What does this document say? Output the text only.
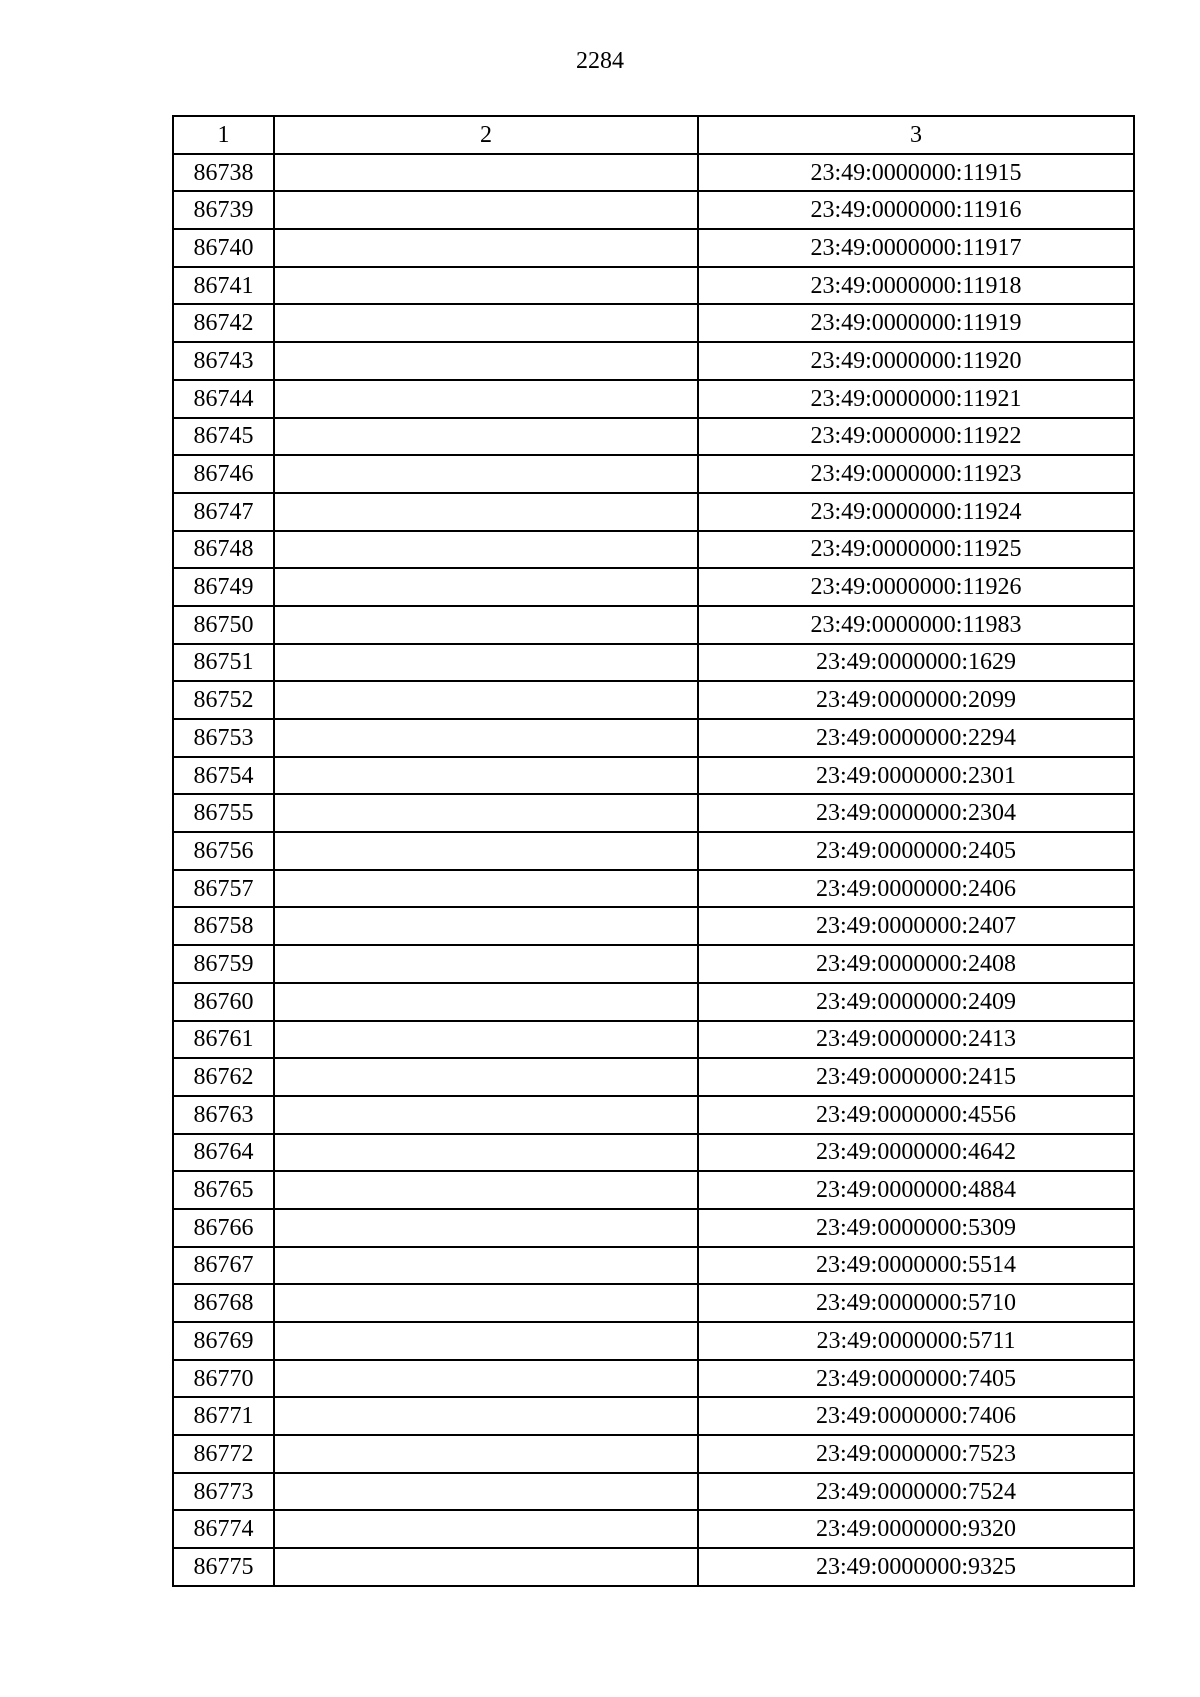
2284
1	2	3
86738		23:49:0000000:11915
86739		23:49:0000000:11916
86740		23:49:0000000:11917
86741		23:49:0000000:11918
86742		23:49:0000000:11919
86743		23:49:0000000:11920
86744		23:49:0000000:11921
86745		23:49:0000000:11922
86746		23:49:0000000:11923
86747		23:49:0000000:11924
86748		23:49:0000000:11925
86749		23:49:0000000:11926
86750		23:49:0000000:11983
86751		23:49:0000000:1629
86752		23:49:0000000:2099
86753		23:49:0000000:2294
86754		23:49:0000000:2301
86755		23:49:0000000:2304
86756		23:49:0000000:2405
86757		23:49:0000000:2406
86758		23:49:0000000:2407
86759		23:49:0000000:2408
86760		23:49:0000000:2409
86761		23:49:0000000:2413
86762		23:49:0000000:2415
86763		23:49:0000000:4556
86764		23:49:0000000:4642
86765		23:49:0000000:4884
86766		23:49:0000000:5309
86767		23:49:0000000:5514
86768		23:49:0000000:5710
86769		23:49:0000000:5711
86770		23:49:0000000:7405
86771		23:49:0000000:7406
86772		23:49:0000000:7523
86773		23:49:0000000:7524
86774		23:49:0000000:9320
86775		23:49:0000000:9325
